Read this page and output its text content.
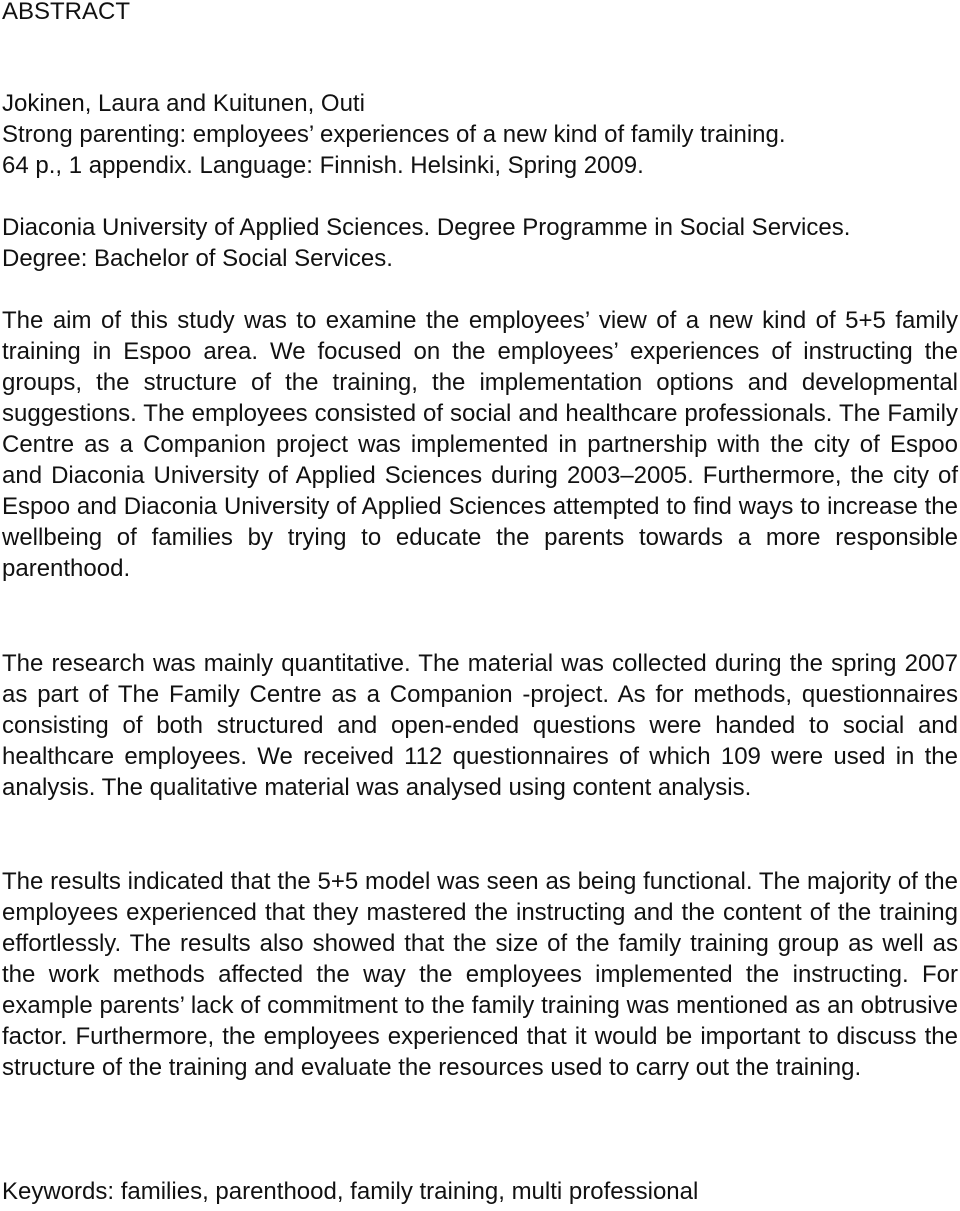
ABSTRACT
Jokinen, Laura and Kuitunen, Outi
Strong parenting: employees’ experiences of a new kind of family training.
64 p., 1 appendix. Language: Finnish. Helsinki, Spring 2009.
Diaconia University of Applied Sciences. Degree Programme in Social Services.
Degree: Bachelor of Social Services.

The aim of this study was to examine the employees’ view of a new kind of 5+5 family training in Espoo area. We focused on the employees’ experiences of instructing the groups, the structure of the training, the implementation options and developmental suggestions. The employees consisted of social and healthcare professionals. The Family Centre as a Companion project was implemented in partnership with the city of Espoo and Diaconia University of Applied Sciences during 2003–2005. Furthermore, the city of Espoo and Diaconia University of Applied Sciences attempted to find ways to increase the wellbeing of families by trying to educate the parents towards a more responsible parenthood.

The research was mainly quantitative. The material was collected during the spring 2007 as part of The Family Centre as a Companion -project. As for methods, questionnaires consisting of both structured and open-ended questions were handed to social and healthcare employees. We received 112 questionnaires of which 109 were used in the analysis. The qualitative material was analysed using content analysis.

The results indicated that the 5+5 model was seen as being functional. The majority of the employees experienced that they mastered the instructing and the content of the training effortlessly. The results also showed that the size of the family training group as well as the work methods affected the way the employees implemented the instructing. For example parents’ lack of commitment to the family training was mentioned as an obtrusive factor. Furthermore, the employees experienced that it would be important to discuss the structure of the training and evaluate the resources used to carry out the training.

Keywords: families, parenthood, family training, multi professional
